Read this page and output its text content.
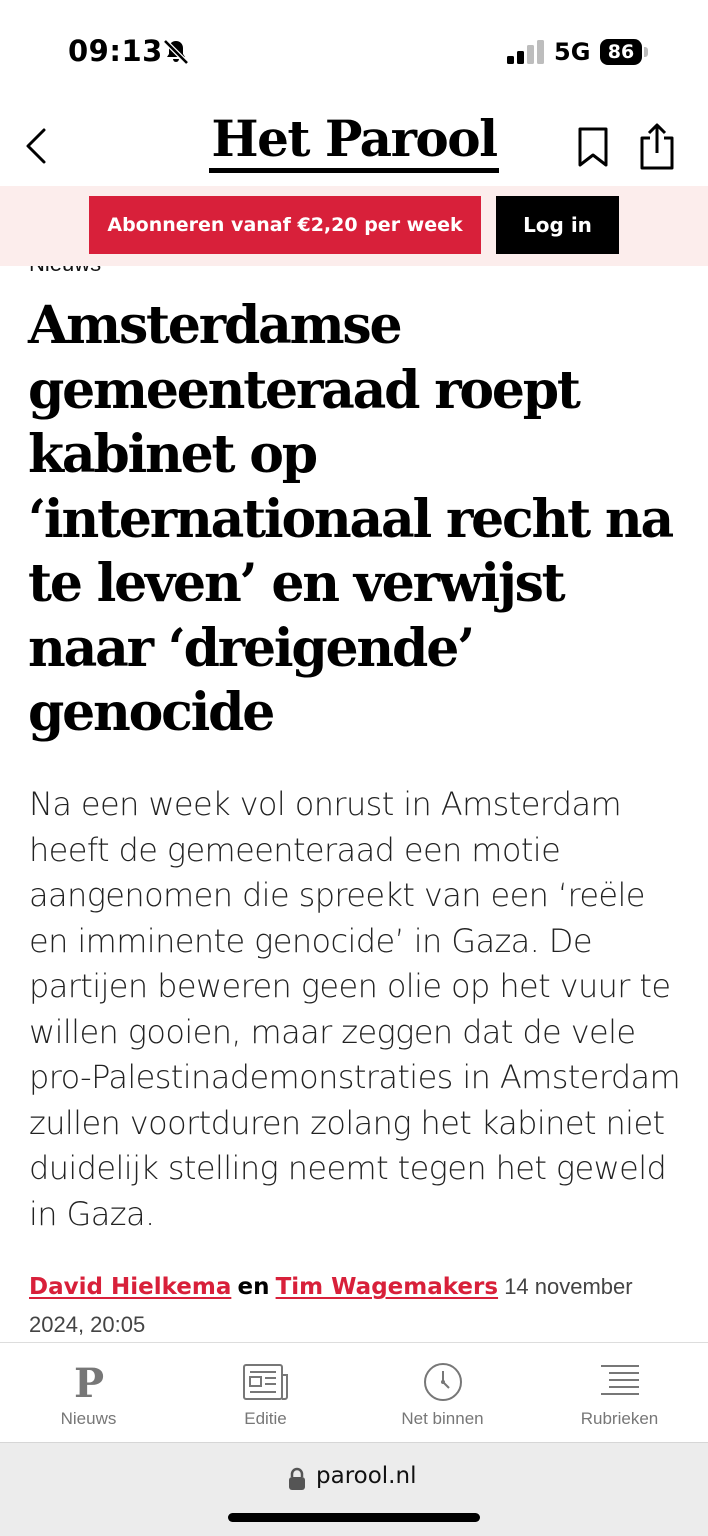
09:13	5G 86
Het Parool
Abonneren vanaf €2,20 per week	Log in
Amsterdamse gemeenteraad roept kabinet op ‘internationaal recht na te leven’ en verwijst naar ‘dreigende’ genocide

Na een week vol onrust in Amsterdam heeft de gemeenteraad een motie aangenomen die spreekt van een ‘reële en imminente genocide’ in Gaza. De partijen beweren geen olie op het vuur te willen gooien, maar zeggen dat de vele pro-Palestinademonstraties in Amsterdam zullen voortduren zolang het kabinet niet duidelijk stelling neemt tegen het geweld in Gaza.

David Hielkema en Tim Wagemakers 14 november 2024, 20:05
P
Nieuws	Editie	Net binnen	Rubrieken
parool.nl
